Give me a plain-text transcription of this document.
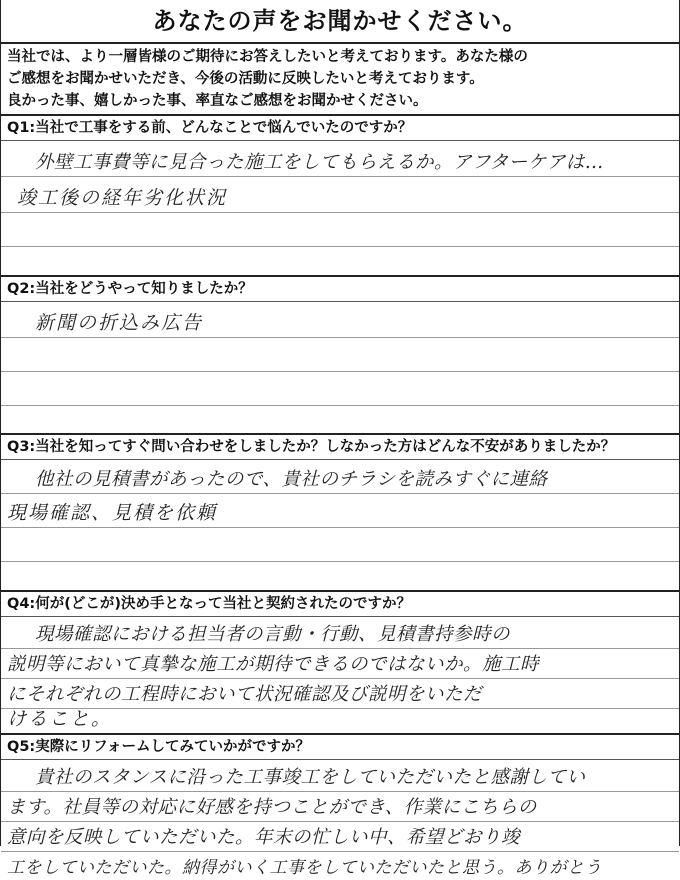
あなたの声をお聞かせください。
当社では、より一層皆様のご期待にお答えしたいと考えております。あなた様の
ご感想をお聞かせいただき、今後の活動に反映したいと考えております。
良かった事、嬉しかった事、率直なご感想をお聞かせください。
Q1:当社で工事をする前、どんなことで悩んでいたのですか？
外壁工事費等に見合った施工をしてもらえるか。アフターケアは…
竣工後の経年劣化状況
Q2:当社をどうやって知りましたか？
新聞の折込み広告
Q3:当社を知ってすぐ問い合わせをしましたか？しなかった方はどんな不安がありましたか？
他社の見積書があったので、貴社のチラシを読みすぐに連絡
現場確認、見積を依頼
Q4:何が(どこが)決め手となって当社と契約されたのですか？
現場確認における担当者の言動・行動、見積書持参時の
説明等において真摯な施工が期待できるのではないか。施工時
にそれぞれの工程時において状況確認及び説明をいただ
けること。
Q5:実際にリフォームしてみていかがですか？
貴社のスタンスに沿った工事竣工をしていただいたと感謝してい
ます。社員等の対応に好感を持つことができ、作業にこちらの
意向を反映していただいた。年末の忙しい中、希望どおり竣
工をしていただいた。納得がいく工事をしていただいたと思う。ありがとう
